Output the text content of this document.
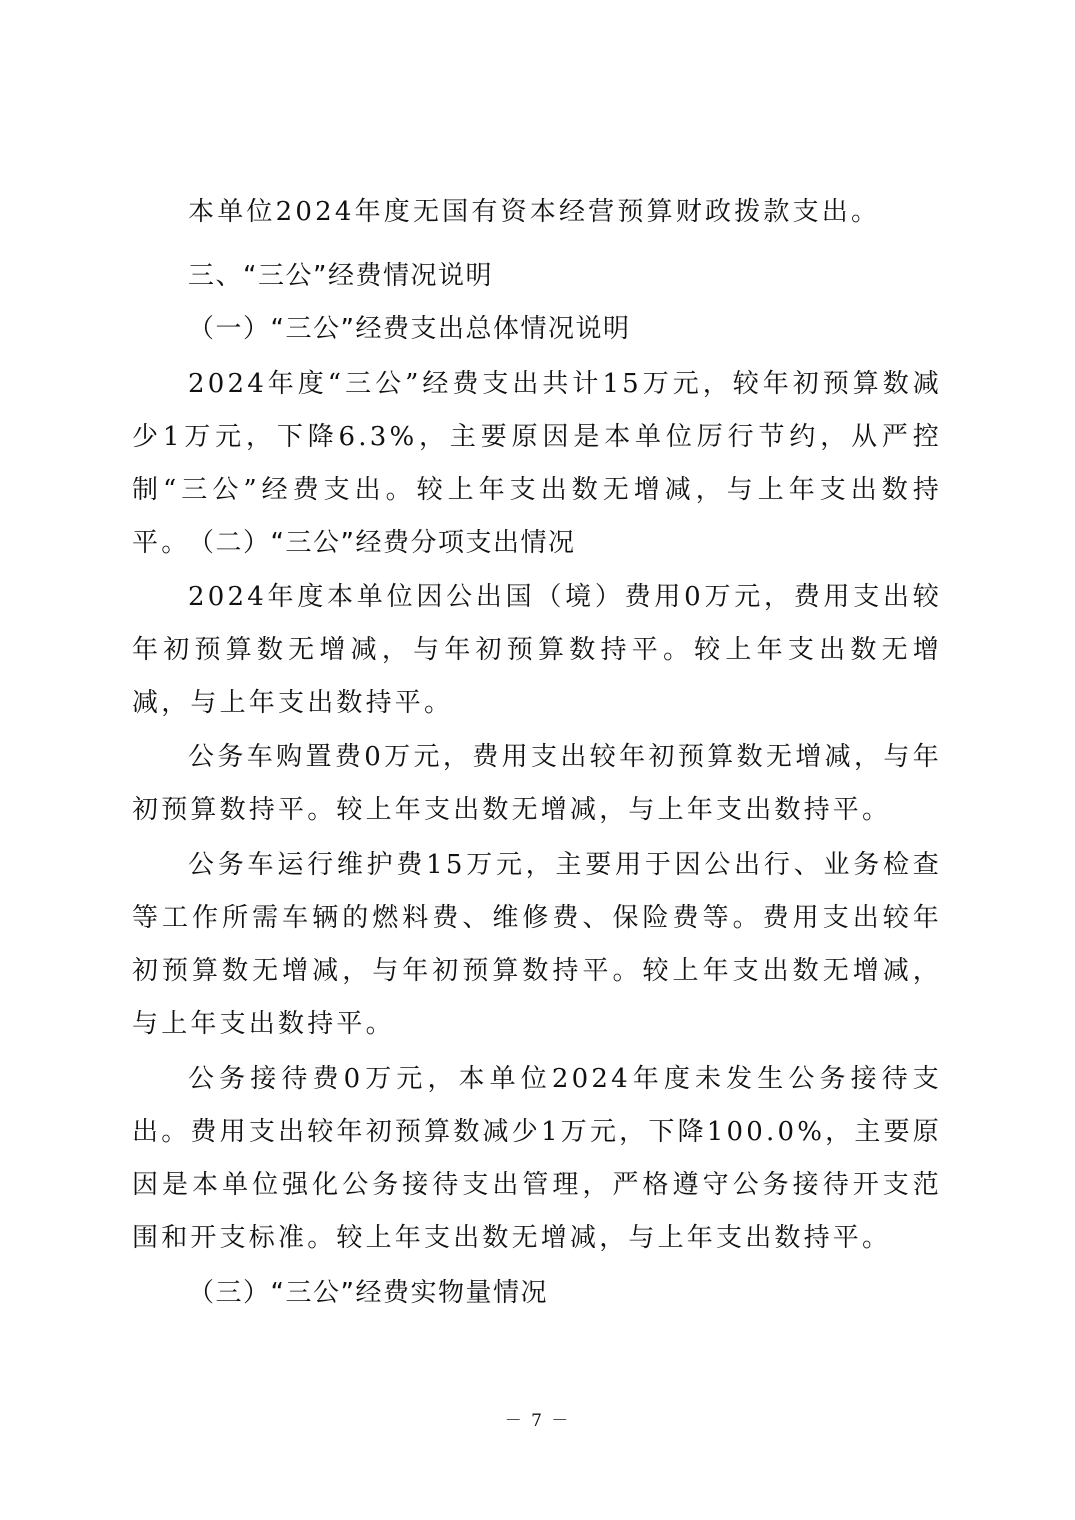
本单位2024年度无国有资本经营预算财政拨款支出。

三、“三公”经费情况说明
（一）“三公”经费支出总体情况说明

2024年度“三公”经费支出共计15万元，较年初预算数减少1万元，下降6.3%，主要原因是本单位厉行节约，从严控制“三公”经费支出。较上年支出数无增减，与上年支出数持平。

（二）“三公”经费分项支出情况

2024年度本单位因公出国（境）费用0万元，费用支出较年初预算数无增减，与年初预算数持平。较上年支出数无增减，与上年支出数持平。

公务车购置费0万元，费用支出较年初预算数无增减，与年初预算数持平。较上年支出数无增减，与上年支出数持平。

公务车运行维护费15万元，主要用于因公出行、业务检查等工作所需车辆的燃料费、维修费、保险费等。费用支出较年初预算数无增减，与年初预算数持平。较上年支出数无增减，与上年支出数持平。

公务接待费0万元，本单位2024年度未发生公务接待支出。费用支出较年初预算数减少1万元，下降100.0%，主要原因是本单位强化公务接待支出管理，严格遵守公务接待开支范围和开支标准。较上年支出数无增减，与上年支出数持平。

（三）“三公”经费实物量情况
－ 7 －
